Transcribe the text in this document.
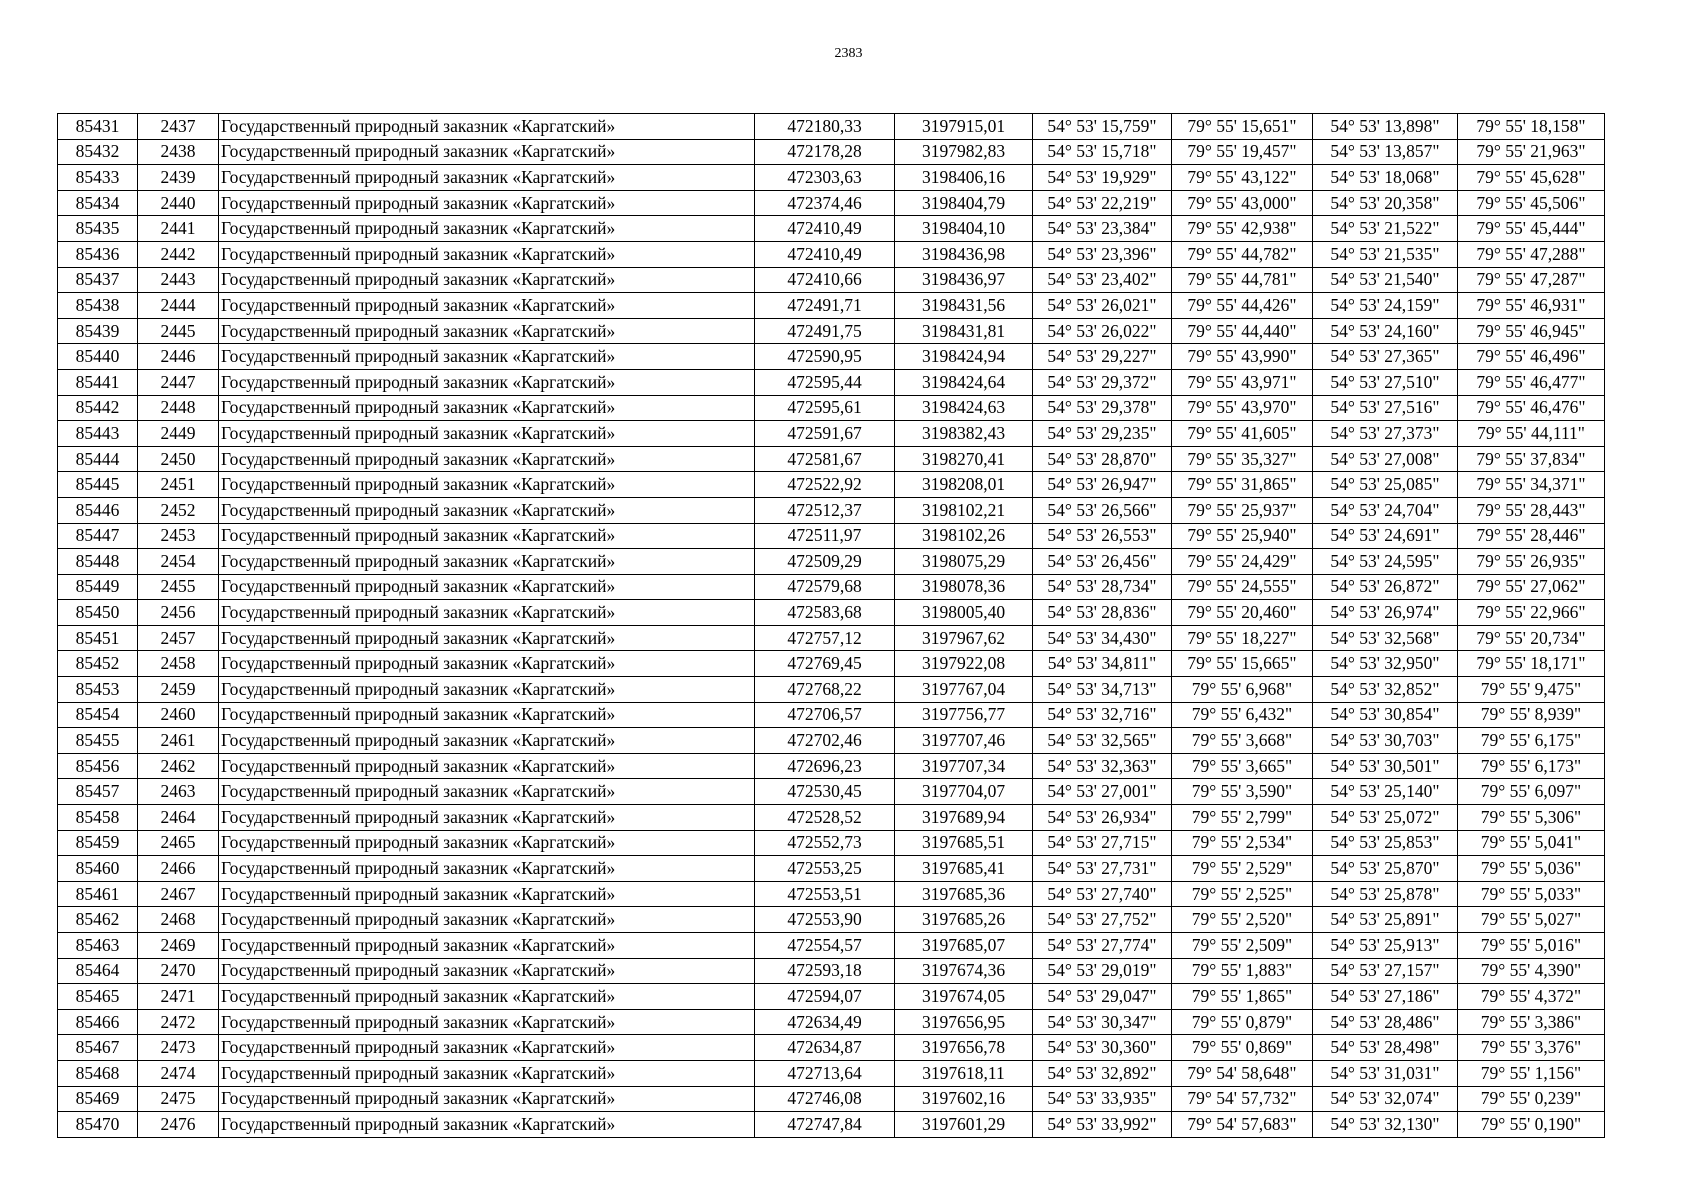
2383
85431	2437	Государственный природный заказник «Каргатский»	472180,33	3197915,01	54° 53' 15,759"	79° 55' 15,651"	54° 53' 13,898"	79° 55' 18,158"
85432	2438	Государственный природный заказник «Каргатский»	472178,28	3197982,83	54° 53' 15,718"	79° 55' 19,457"	54° 53' 13,857"	79° 55' 21,963"
85433	2439	Государственный природный заказник «Каргатский»	472303,63	3198406,16	54° 53' 19,929"	79° 55' 43,122"	54° 53' 18,068"	79° 55' 45,628"
85434	2440	Государственный природный заказник «Каргатский»	472374,46	3198404,79	54° 53' 22,219"	79° 55' 43,000"	54° 53' 20,358"	79° 55' 45,506"
85435	2441	Государственный природный заказник «Каргатский»	472410,49	3198404,10	54° 53' 23,384"	79° 55' 42,938"	54° 53' 21,522"	79° 55' 45,444"
85436	2442	Государственный природный заказник «Каргатский»	472410,49	3198436,98	54° 53' 23,396"	79° 55' 44,782"	54° 53' 21,535"	79° 55' 47,288"
85437	2443	Государственный природный заказник «Каргатский»	472410,66	3198436,97	54° 53' 23,402"	79° 55' 44,781"	54° 53' 21,540"	79° 55' 47,287"
85438	2444	Государственный природный заказник «Каргатский»	472491,71	3198431,56	54° 53' 26,021"	79° 55' 44,426"	54° 53' 24,159"	79° 55' 46,931"
85439	2445	Государственный природный заказник «Каргатский»	472491,75	3198431,81	54° 53' 26,022"	79° 55' 44,440"	54° 53' 24,160"	79° 55' 46,945"
85440	2446	Государственный природный заказник «Каргатский»	472590,95	3198424,94	54° 53' 29,227"	79° 55' 43,990"	54° 53' 27,365"	79° 55' 46,496"
85441	2447	Государственный природный заказник «Каргатский»	472595,44	3198424,64	54° 53' 29,372"	79° 55' 43,971"	54° 53' 27,510"	79° 55' 46,477"
85442	2448	Государственный природный заказник «Каргатский»	472595,61	3198424,63	54° 53' 29,378"	79° 55' 43,970"	54° 53' 27,516"	79° 55' 46,476"
85443	2449	Государственный природный заказник «Каргатский»	472591,67	3198382,43	54° 53' 29,235"	79° 55' 41,605"	54° 53' 27,373"	79° 55' 44,111"
85444	2450	Государственный природный заказник «Каргатский»	472581,67	3198270,41	54° 53' 28,870"	79° 55' 35,327"	54° 53' 27,008"	79° 55' 37,834"
85445	2451	Государственный природный заказник «Каргатский»	472522,92	3198208,01	54° 53' 26,947"	79° 55' 31,865"	54° 53' 25,085"	79° 55' 34,371"
85446	2452	Государственный природный заказник «Каргатский»	472512,37	3198102,21	54° 53' 26,566"	79° 55' 25,937"	54° 53' 24,704"	79° 55' 28,443"
85447	2453	Государственный природный заказник «Каргатский»	472511,97	3198102,26	54° 53' 26,553"	79° 55' 25,940"	54° 53' 24,691"	79° 55' 28,446"
85448	2454	Государственный природный заказник «Каргатский»	472509,29	3198075,29	54° 53' 26,456"	79° 55' 24,429"	54° 53' 24,595"	79° 55' 26,935"
85449	2455	Государственный природный заказник «Каргатский»	472579,68	3198078,36	54° 53' 28,734"	79° 55' 24,555"	54° 53' 26,872"	79° 55' 27,062"
85450	2456	Государственный природный заказник «Каргатский»	472583,68	3198005,40	54° 53' 28,836"	79° 55' 20,460"	54° 53' 26,974"	79° 55' 22,966"
85451	2457	Государственный природный заказник «Каргатский»	472757,12	3197967,62	54° 53' 34,430"	79° 55' 18,227"	54° 53' 32,568"	79° 55' 20,734"
85452	2458	Государственный природный заказник «Каргатский»	472769,45	3197922,08	54° 53' 34,811"	79° 55' 15,665"	54° 53' 32,950"	79° 55' 18,171"
85453	2459	Государственный природный заказник «Каргатский»	472768,22	3197767,04	54° 53' 34,713"	79° 55' 6,968"	54° 53' 32,852"	79° 55' 9,475"
85454	2460	Государственный природный заказник «Каргатский»	472706,57	3197756,77	54° 53' 32,716"	79° 55' 6,432"	54° 53' 30,854"	79° 55' 8,939"
85455	2461	Государственный природный заказник «Каргатский»	472702,46	3197707,46	54° 53' 32,565"	79° 55' 3,668"	54° 53' 30,703"	79° 55' 6,175"
85456	2462	Государственный природный заказник «Каргатский»	472696,23	3197707,34	54° 53' 32,363"	79° 55' 3,665"	54° 53' 30,501"	79° 55' 6,173"
85457	2463	Государственный природный заказник «Каргатский»	472530,45	3197704,07	54° 53' 27,001"	79° 55' 3,590"	54° 53' 25,140"	79° 55' 6,097"
85458	2464	Государственный природный заказник «Каргатский»	472528,52	3197689,94	54° 53' 26,934"	79° 55' 2,799"	54° 53' 25,072"	79° 55' 5,306"
85459	2465	Государственный природный заказник «Каргатский»	472552,73	3197685,51	54° 53' 27,715"	79° 55' 2,534"	54° 53' 25,853"	79° 55' 5,041"
85460	2466	Государственный природный заказник «Каргатский»	472553,25	3197685,41	54° 53' 27,731"	79° 55' 2,529"	54° 53' 25,870"	79° 55' 5,036"
85461	2467	Государственный природный заказник «Каргатский»	472553,51	3197685,36	54° 53' 27,740"	79° 55' 2,525"	54° 53' 25,878"	79° 55' 5,033"
85462	2468	Государственный природный заказник «Каргатский»	472553,90	3197685,26	54° 53' 27,752"	79° 55' 2,520"	54° 53' 25,891"	79° 55' 5,027"
85463	2469	Государственный природный заказник «Каргатский»	472554,57	3197685,07	54° 53' 27,774"	79° 55' 2,509"	54° 53' 25,913"	79° 55' 5,016"
85464	2470	Государственный природный заказник «Каргатский»	472593,18	3197674,36	54° 53' 29,019"	79° 55' 1,883"	54° 53' 27,157"	79° 55' 4,390"
85465	2471	Государственный природный заказник «Каргатский»	472594,07	3197674,05	54° 53' 29,047"	79° 55' 1,865"	54° 53' 27,186"	79° 55' 4,372"
85466	2472	Государственный природный заказник «Каргатский»	472634,49	3197656,95	54° 53' 30,347"	79° 55' 0,879"	54° 53' 28,486"	79° 55' 3,386"
85467	2473	Государственный природный заказник «Каргатский»	472634,87	3197656,78	54° 53' 30,360"	79° 55' 0,869"	54° 53' 28,498"	79° 55' 3,376"
85468	2474	Государственный природный заказник «Каргатский»	472713,64	3197618,11	54° 53' 32,892"	79° 54' 58,648"	54° 53' 31,031"	79° 55' 1,156"
85469	2475	Государственный природный заказник «Каргатский»	472746,08	3197602,16	54° 53' 33,935"	79° 54' 57,732"	54° 53' 32,074"	79° 55' 0,239"
85470	2476	Государственный природный заказник «Каргатский»	472747,84	3197601,29	54° 53' 33,992"	79° 54' 57,683"	54° 53' 32,130"	79° 55' 0,190"
